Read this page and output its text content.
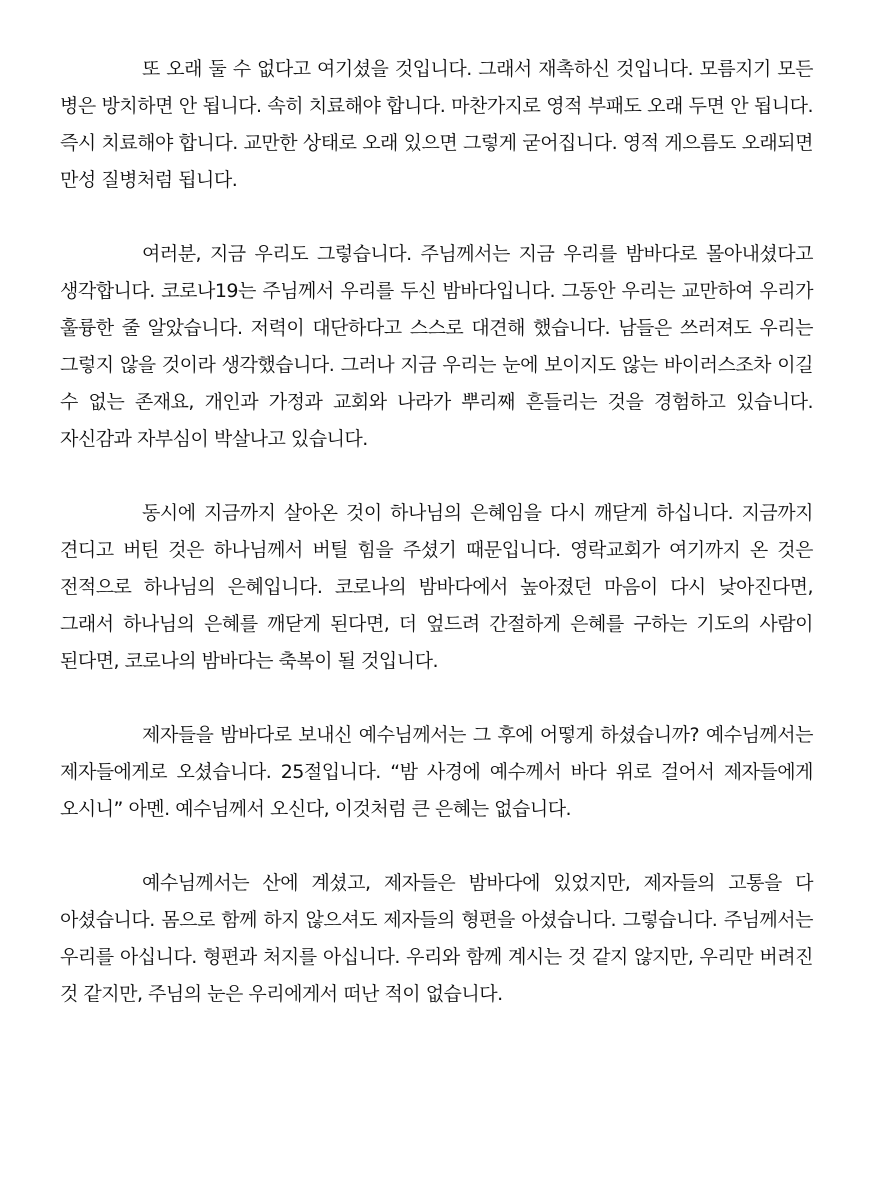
또 오래 둘 수 없다고 여기셨을 것입니다. 그래서 재촉하신 것입니다. 모름지기 모든 병은 방치하면 안 됩니다. 속히 치료해야 합니다. 마찬가지로 영적 부패도 오래 두면 안 됩니다. 즉시 치료해야 합니다. 교만한 상태로 오래 있으면 그렇게 굳어집니다. 영적 게으름도 오래되면 만성 질병처럼 됩니다.

여러분, 지금 우리도 그렇습니다. 주님께서는 지금 우리를 밤바다로 몰아내셨다고 생각합니다. 코로나19는 주님께서 우리를 두신 밤바다입니다. 그동안 우리는 교만하여 우리가 훌륭한 줄 알았습니다. 저력이 대단하다고 스스로 대견해 했습니다. 남들은 쓰러져도 우리는 그렇지 않을 것이라 생각했습니다. 그러나 지금 우리는 눈에 보이지도 않는 바이러스조차 이길 수 없는 존재요, 개인과 가정과 교회와 나라가 뿌리째 흔들리는 것을 경험하고 있습니다. 자신감과 자부심이 박살나고 있습니다.

동시에 지금까지 살아온 것이 하나님의 은혜임을 다시 깨닫게 하십니다. 지금까지 견디고 버틴 것은 하나님께서 버틸 힘을 주셨기 때문입니다. 영락교회가 여기까지 온 것은 전적으로 하나님의 은혜입니다. 코로나의 밤바다에서 높아졌던 마음이 다시 낮아진다면, 그래서 하나님의 은혜를 깨닫게 된다면, 더 엎드려 간절하게 은혜를 구하는 기도의 사람이 된다면, 코로나의 밤바다는 축복이 될 것입니다.

제자들을 밤바다로 보내신 예수님께서는 그 후에 어떻게 하셨습니까? 예수님께서는 제자들에게로 오셨습니다. 25절입니다. “밤 사경에 예수께서 바다 위로 걸어서 제자들에게 오시니” 아멘. 예수님께서 오신다, 이것처럼 큰 은혜는 없습니다.

예수님께서는 산에 계셨고, 제자들은 밤바다에 있었지만, 제자들의 고통을 다 아셨습니다. 몸으로 함께 하지 않으셔도 제자들의 형편을 아셨습니다. 그렇습니다. 주님께서는 우리를 아십니다. 형편과 처지를 아십니다. 우리와 함께 계시는 것 같지 않지만, 우리만 버려진 것 같지만, 주님의 눈은 우리에게서 떠난 적이 없습니다.
